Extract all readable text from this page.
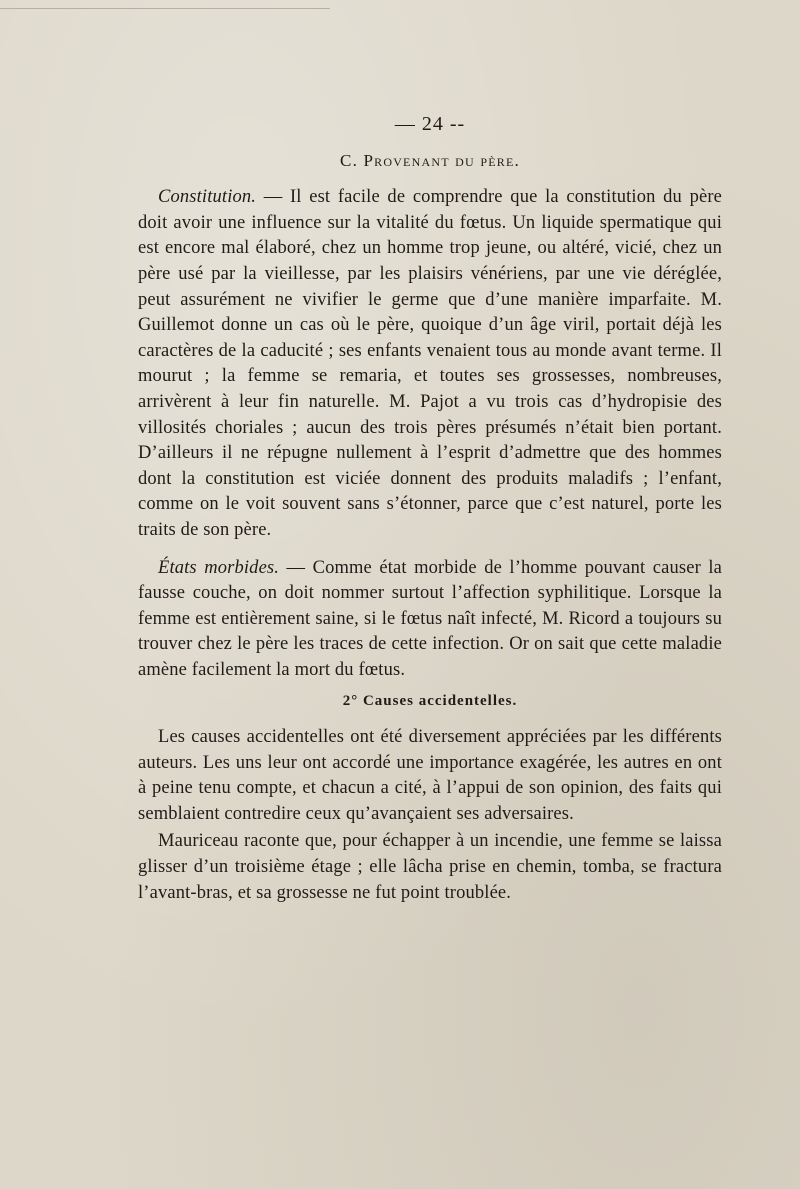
— 24 --
C. Provenant du père.

Constitution. — Il est facile de comprendre que la constitution du père doit avoir une influence sur la vitalité du fœtus. Un liquide spermatique qui est encore mal élaboré, chez un homme trop jeune, ou altéré, vicié, chez un père usé par la vieillesse, par les plaisirs vénériens, par une vie déréglée, peut assurément ne vivifier le germe que d’une manière imparfaite. M. Guillemot donne un cas où le père, quoique d’un âge viril, portait déjà les caractères de la caducité ; ses enfants venaient tous au monde avant terme. Il mourut ; la femme se remaria, et toutes ses grossesses, nombreuses, arrivèrent à leur fin naturelle. M. Pajot a vu trois cas d’hydropisie des villosités choriales ; aucun des trois pères présumés n’était bien portant. D’ailleurs il ne répugne nullement à l’esprit d’admettre que des hommes dont la constitution est viciée donnent des produits maladifs ; l’enfant, comme on le voit souvent sans s’étonner, parce que c’est naturel, porte les traits de son père.

États morbides. — Comme état morbide de l’homme pouvant causer la fausse couche, on doit nommer surtout l’affection syphilitique. Lorsque la femme est entièrement saine, si le fœtus naît infecté, M. Ricord a toujours su trouver chez le père les traces de cette infection. Or on sait que cette maladie amène facilement la mort du fœtus.

2° Causes accidentelles.

Les causes accidentelles ont été diversement appréciées par les différents auteurs. Les uns leur ont accordé une importance exagérée, les autres en ont à peine tenu compte, et chacun a cité, à l’appui de son opinion, des faits qui semblaient contredire ceux qu’avançaient ses adversaires.

Mauriceau raconte que, pour échapper à un incendie, une femme se laissa glisser d’un troisième étage ; elle lâcha prise en chemin, tomba, se fractura l’avant-bras, et sa grossesse ne fut point troublée.
